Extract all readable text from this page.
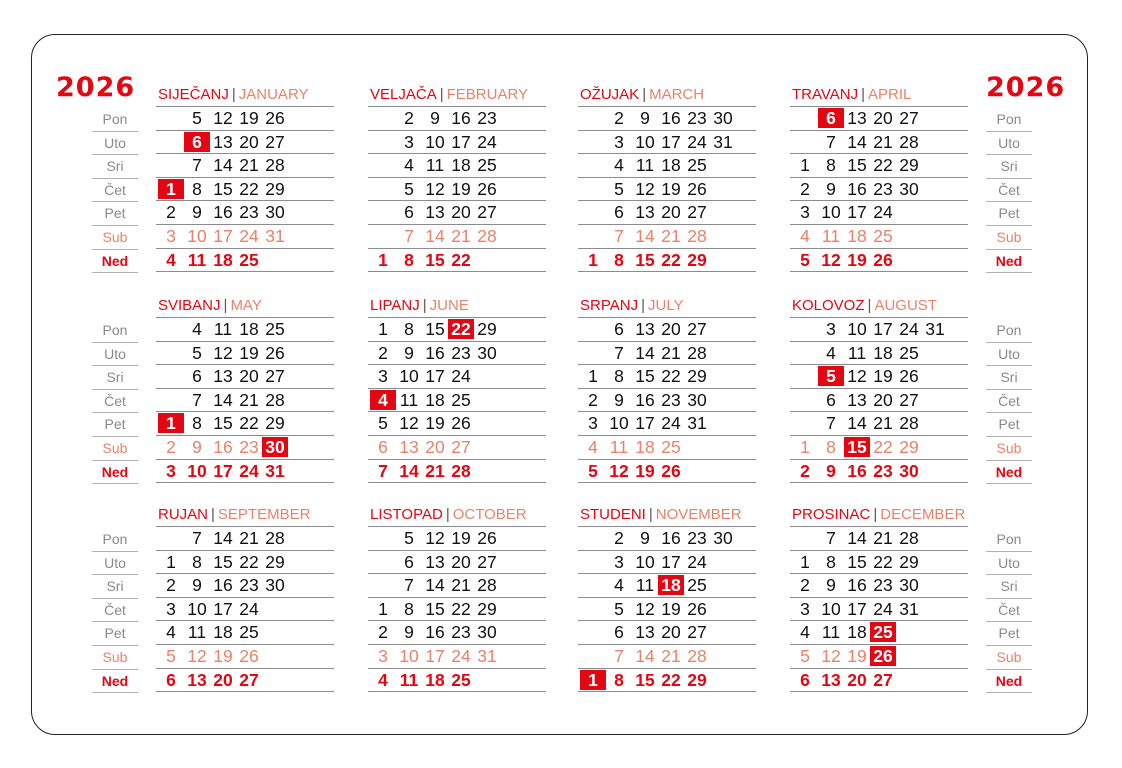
2026	2026
Pon
Uto
Sri
Čet
Pet
Sub
Ned
Pon
Uto
Sri
Čet
Pet
Sub
Ned
Pon
Uto
Sri
Čet
Pet
Sub
Ned
Pon
Uto
Sri
Čet
Pet
Sub
Ned
Pon
Uto
Sri
Čet
Pet
Sub
Ned
Pon
Uto
Sri
Čet
Pet
Sub
Ned
SIJEČANJ | JANUARY
1
2
3
4
5
6
7
8
9
10
11
12
13
14
15
16
17
18
19
20
21
22
23
24
25
26
27
28
29
30
31
VELJAČA | FEBRUARY
1
2
3
4
5
6
7
8
9
10
11
12
13
14
15
16
17
18
19
20
21
22
23
24
25
26
27
28
OŽUJAK | MARCH
1
2
3
4
5
6
7
8
9
10
11
12
13
14
15
16
17
18
19
20
21
22
23
24
25
26
27
28
29
30
31
TRAVANJ | APRIL
1
2
3
4
5
6
7
8
9
10
11
12
13
14
15
16
17
18
19
20
21
22
23
24
25
26
27
28
29
30
SVIBANJ | MAY
1
2
3
4
5
6
7
8
9
10
11
12
13
14
15
16
17
18
19
20
21
22
23
24
25
26
27
28
29
30
31
LIPANJ | JUNE
1
2
3
4
5
6
7
8
9
10
11
12
13
14
15
16
17
18
19
20
21
22
23
24
25
26
27
28
29
30
SRPANJ | JULY
1
2
3
4
5
6
7
8
9
10
11
12
13
14
15
16
17
18
19
20
21
22
23
24
25
26
27
28
29
30
31
KOLOVOZ | AUGUST
1
2
3
4
5
6
7
8
9
10
11
12
13
14
15
16
17
18
19
20
21
22
23
24
25
26
27
28
29
30
31
RUJAN | SEPTEMBER
1
2
3
4
5
6
7
8
9
10
11
12
13
14
15
16
17
18
19
20
21
22
23
24
25
26
27
28
29
30
LISTOPAD | OCTOBER
1
2
3
4
5
6
7
8
9
10
11
12
13
14
15
16
17
18
19
20
21
22
23
24
25
26
27
28
29
30
31
STUDENI | NOVEMBER
1
2
3
4
5
6
7
8
9
10
11
12
13
14
15
16
17
18
19
20
21
22
23
24
25
26
27
28
29
30
PROSINAC | DECEMBER
1
2
3
4
5
6
7
8
9
10
11
12
13
14
15
16
17
18
19
20
21
22
23
24
25
26
27
28
29
30
31
